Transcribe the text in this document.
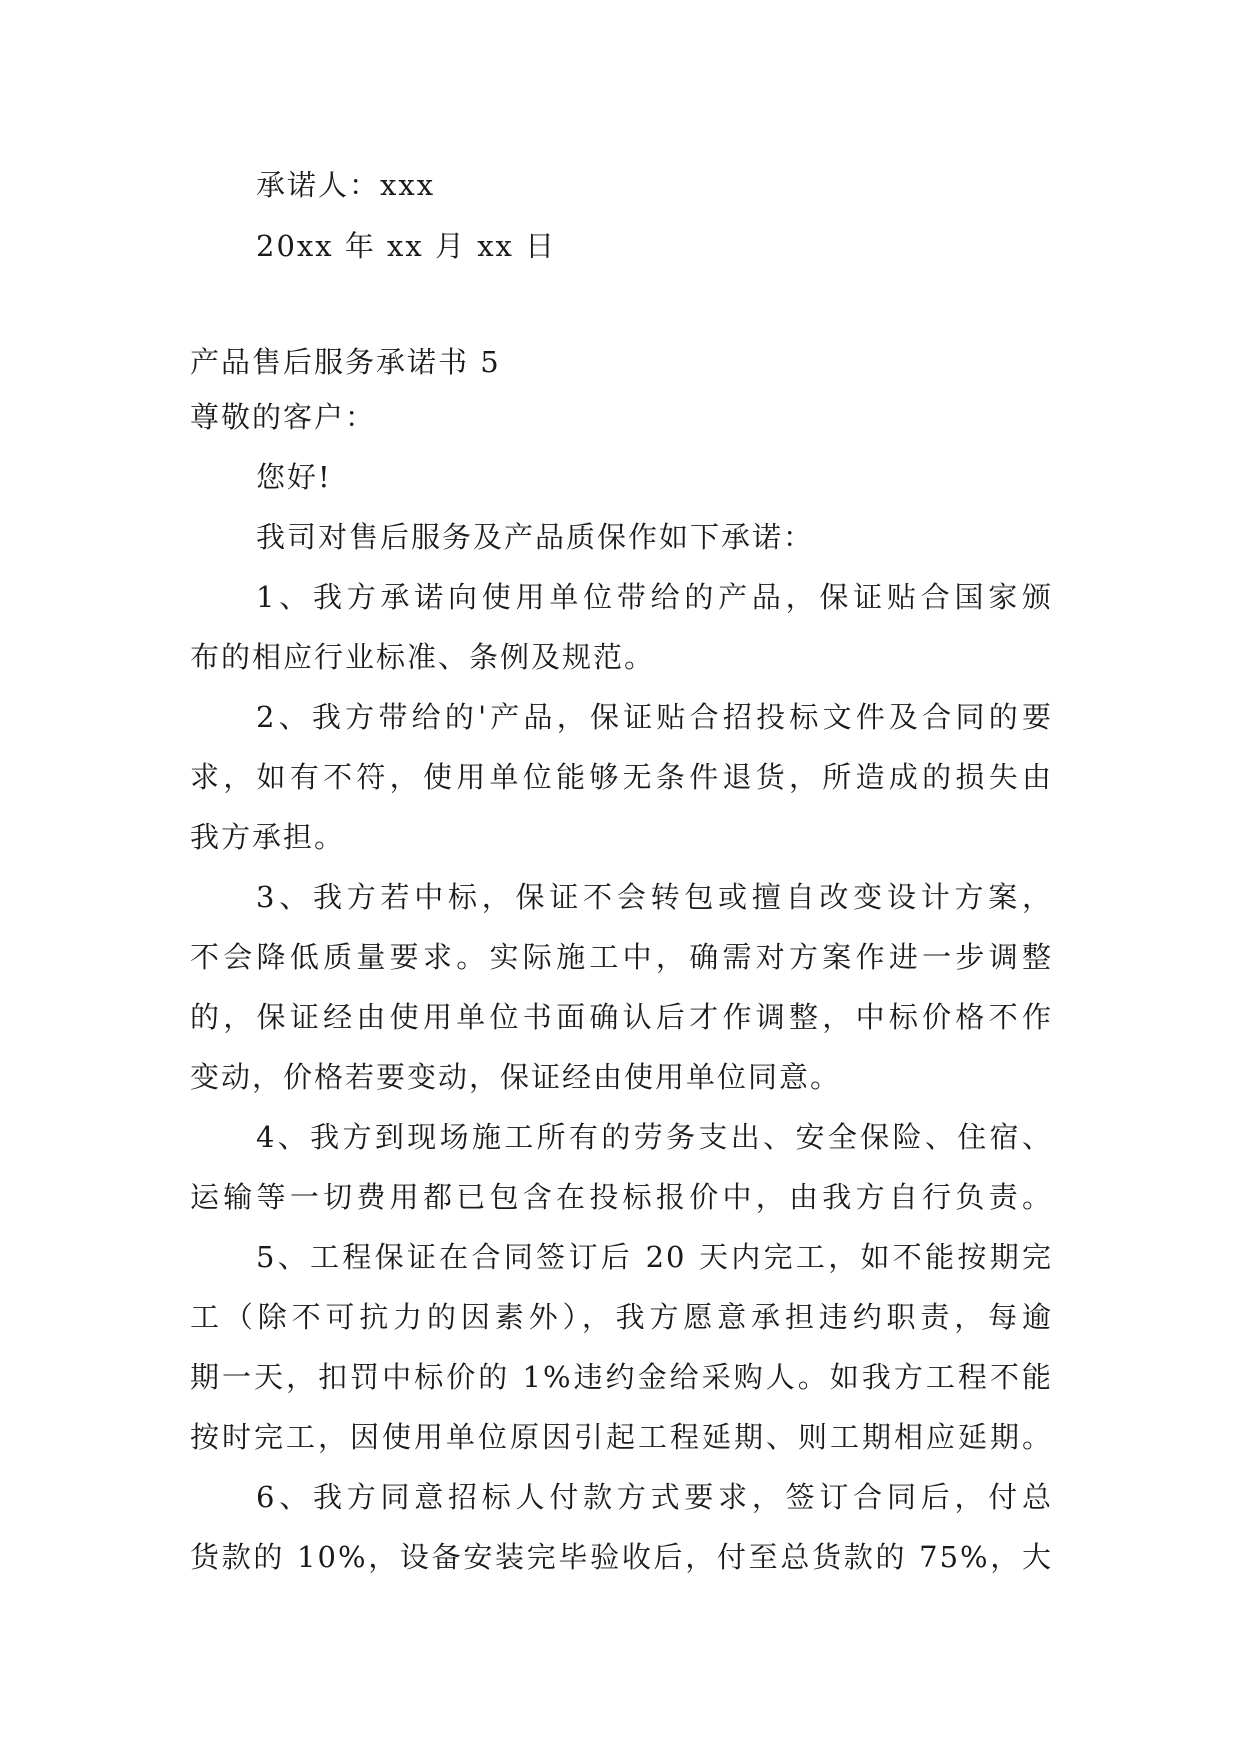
承诺人：xxx
20xx 年 xx 月 xx 日
产品售后服务承诺书 5
尊敬的客户：
您好!
我司对售后服务及产品质保作如下承诺：
1、我方承诺向使用单位带给的产品，保证贴合国家颁
布的相应行业标准、条例及规范。
2、我方带给的'产品，保证贴合招投标文件及合同的要
求，如有不符，使用单位能够无条件退货，所造成的损失由
我方承担。
3、我方若中标，保证不会转包或擅自改变设计方案，
不会降低质量要求。实际施工中，确需对方案作进一步调整
的，保证经由使用单位书面确认后才作调整，中标价格不作
变动，价格若要变动，保证经由使用单位同意。
4、我方到现场施工所有的劳务支出、安全保险、住宿、
运输等一切费用都已包含在投标报价中，由我方自行负责。
5、工程保证在合同签订后 20 天内完工，如不能按期完
工（除不可抗力的因素外），我方愿意承担违约职责，每逾
期一天，扣罚中标价的 1%违约金给采购人。如我方工程不能
按时完工，因使用单位原因引起工程延期、则工期相应延期。
6、我方同意招标人付款方式要求，签订合同后，付总
货款的 10%，设备安装完毕验收后，付至总货款的 75%，大
